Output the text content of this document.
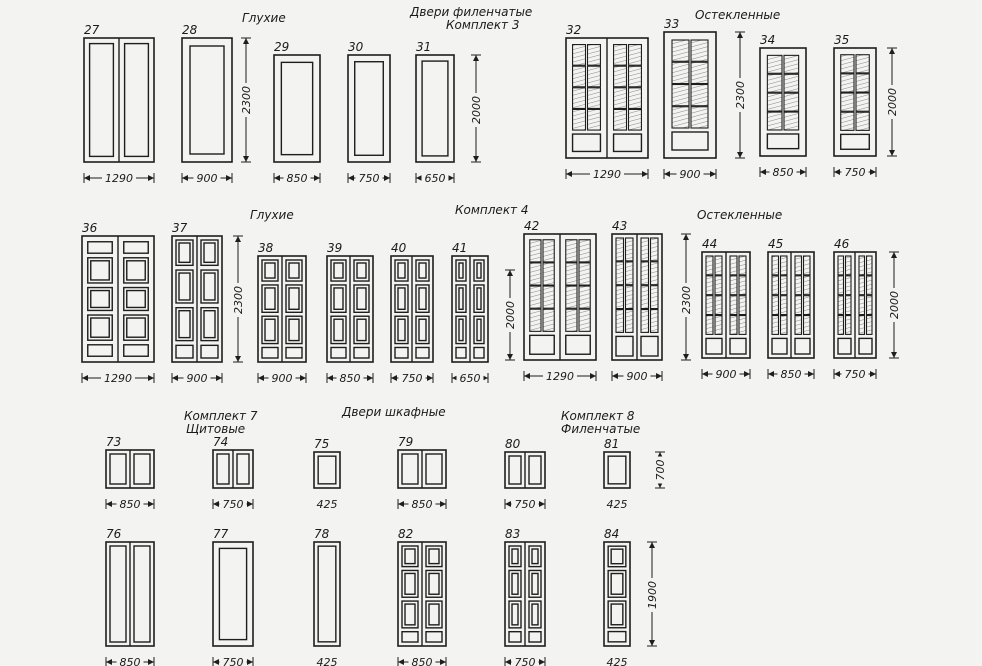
Глухие	Двери филенчатые
Комплект 3
Остекленные
Глухие	Комплект 4	Остекленные
Комплект 7
Щитовые
Двери шкафные	Комплект 8
Филенчатые
27
1290
28
900
29
850
30
750
31
650
32
1290
33
900
34
850
35
750
36
1290
37
900
38
900
39
850
40
750
41
650
42
1290
43
900
44
900
45
850
46
750
73
850
74
750
75
425
79
850
80
750
81
425
76
850
77
750
78
425
82
850
83
750
84
425
2300	2000
2300	2000
2300
2000
2300	2000
700
1900
